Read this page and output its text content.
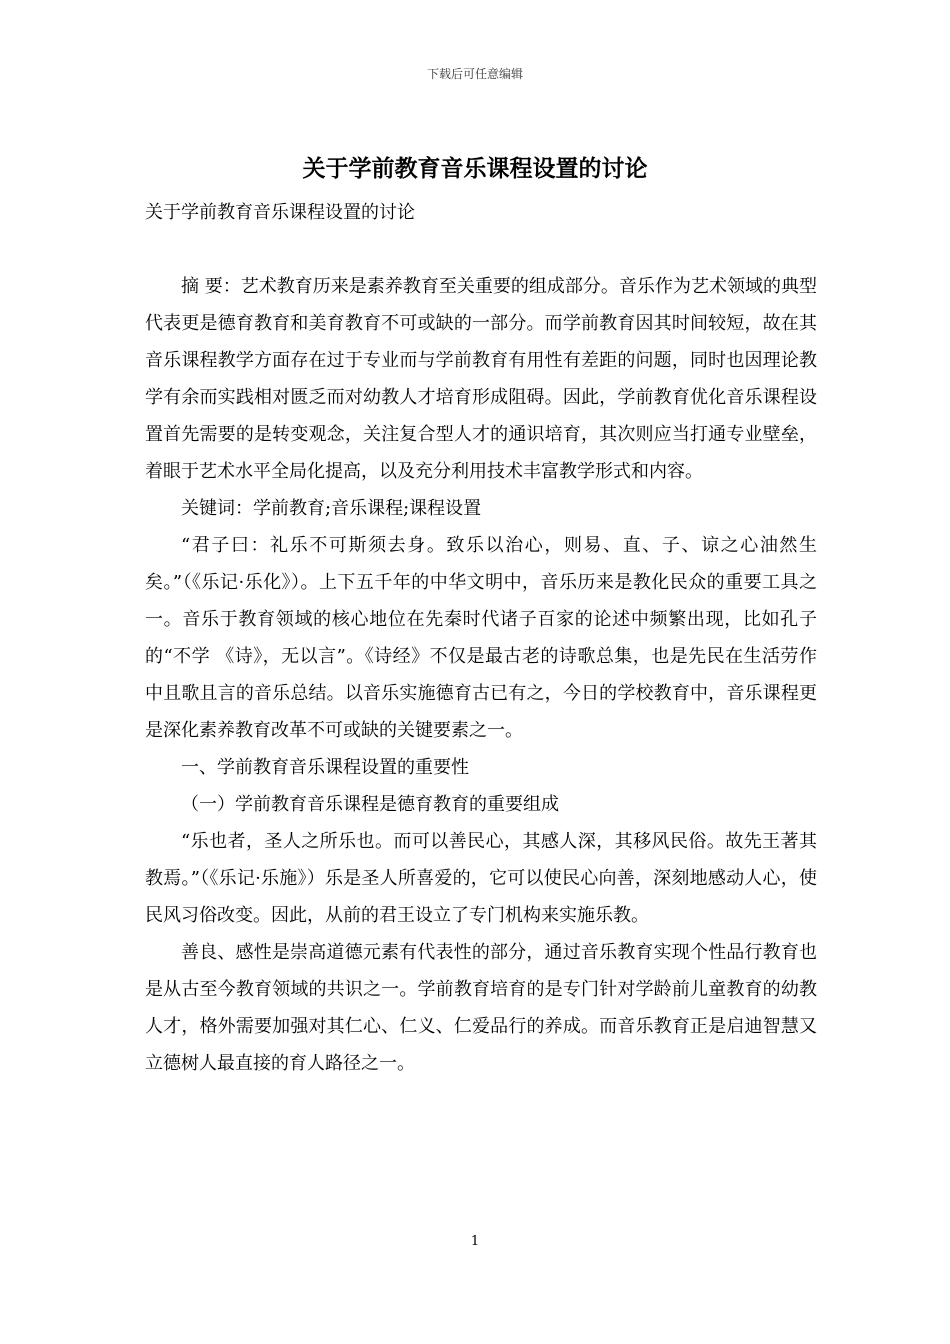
下载后可任意编辑
关于学前教育音乐课程设置的讨论
关于学前教育音乐课程设置的讨论

摘 要：艺术教育历来是素养教育至关重要的组成部分。音乐作为艺术领域的典型代表更是德育教育和美育教育不可或缺的一部分。而学前教育因其时间较短，故在其音乐课程教学方面存在过于专业而与学前教育有用性有差距的问题，同时也因理论教学有余而实践相对匮乏而对幼教人才培育形成阻碍。因此，学前教育优化音乐课程设置首先需要的是转变观念，关注复合型人才的通识培育，其次则应当打通专业壁垒，着眼于艺术水平全局化提高，以及充分利用技术丰富教学形式和内容。

关键词：学前教育;音乐课程;课程设置

“君子曰：礼乐不可斯须去身。致乐以治心，则易、直、子、谅之心油然生矣。”（《乐记·乐化》）。上下五千年的中华文明中，音乐历来是教化民众的重要工具之一。音乐于教育领域的核心地位在先秦时代诸子百家的论述中频繁出现，比如孔子的“不学 《诗》，无以言”。《诗经》不仅是最古老的诗歌总集，也是先民在生活劳作中且歌且言的音乐总结。以音乐实施德育古已有之，今日的学校教育中，音乐课程更是深化素养教育改革不可或缺的关键要素之一。

一、学前教育音乐课程设置的重要性

（一）学前教育音乐课程是德育教育的重要组成

“乐也者，圣人之所乐也。而可以善民心，其感人深，其移风民俗。故先王著其教焉。”（《乐记·乐施》）乐是圣人所喜爱的，它可以使民心向善，深刻地感动人心，使民风习俗改变。因此，从前的君王设立了专门机构来实施乐教。

善良、感性是崇高道德元素有代表性的部分，通过音乐教育实现个性品行教育也是从古至今教育领域的共识之一。学前教育培育的是专门针对学龄前儿童教育的幼教人才，格外需要加强对其仁心、仁义、仁爱品行的养成。而音乐教育正是启迪智慧又立德树人最直接的育人路径之一。

1
